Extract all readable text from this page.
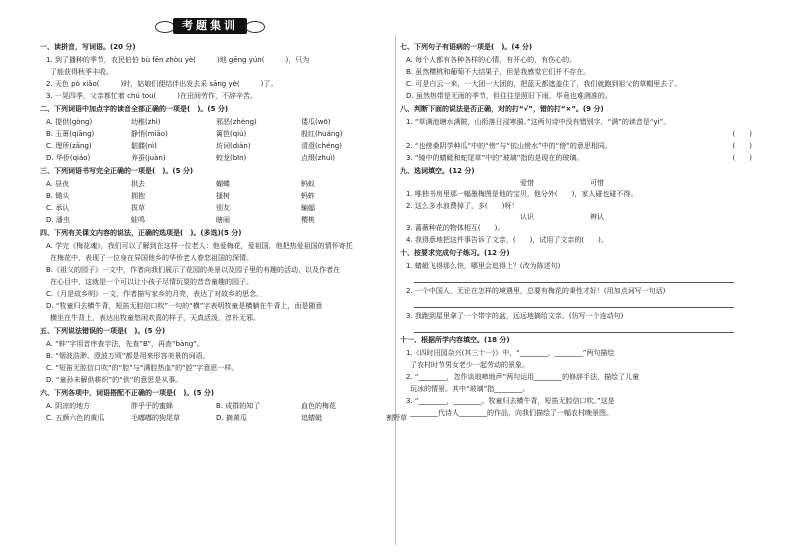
考题集训
一、读拼音，写词语。(20 分)
1. 到了播种的季节，农民伯伯 bù fēn zhòu yè(　　　)地 gēng yún(　　　)，只为
了能获得秋季丰收。
2. 天色 pò xiǎo(　　　)时，姑娘们便结伴出发去采 sāng yè(　　　)了。
3. 一晃四季，父亲都忙着 chú tou(　　　)在田间劳作，不辞辛苦。
二、下列词语中加点字的读音全部正确的一项是(　)。(5 分)
A. 提供(gòng)	幼稚(zhì)	邪恶(zhèng)	倭瓜(wō)
B. 玉箫(qiāng)	静悄(miāo)	篱笆(qiú)	殷红(huáng)
C. 理所(zāng)	骷髅(nì)	坊词(diàn)	清澄(chéng)
D. 华侨(qiáo)	养蚕(juàn)	蛟龙(bīn)	点缀(zhuì)
三、下列词语书写完全正确的一项是(　)。(5 分)
A. 昼夜	拱去	蝴蝶	蚂蚁
B. 锄头	拥抱	搔树	蚂蚱
C. 承认	拔草	别友	蝙蝠
D. 潘虫	蛙鸣	瞎闹	樱桃
四、下列有关课文内容的说法，正确的选项是(　)。(多选)(5 分)
A. 学完《梅花魂》，我们可以了解到在这样一位老人：他爱梅花，爱祖国，他把热爱祖国的情怀寄托
在梅花中，表现了一位身在异国他乡的华侨老人眷恋祖国的深情。
B.《祖父的园子》一文中，作者向我们展示了花园的美景以及园子里的有趣的活动，以及作者在
在心目中，这就是一个可以让小孩子尽情玩耍的昔音童趣的园子。
C.《月是故乡明》一文，作者描写家乡的月亮，表达了对故乡的思念。
D. “牧童归去横牛背，短笛无腔信口吹”一句的“横”字表明牧童是横躺在牛背上，而是随意
横坐在牛背上，表达出牧童悠闲欢喜的样子，天真活泼，淳朴无邪。
五、下列说法错误的一项是(　)。(5 分)
A. “蚌”字用音序查字法，先查“B”，再查“bàng”。
B. “烟波浩渺、澄波万顷”都是用来形容美景的词语。
C. “短笛无腔信口吹”的“腔”与“满腔热血”的“腔”字意思一样。
D. “童孙未解供耕织”的“供”的意思是从事。
六、下列各项中，词语搭配不正确的一项是(　)。(5 分)
A. 阴凉的地方	胖乎乎的蜜蜂	B. 成群的知了	血色的梅花
C. 五颜六色的黄瓜	毛嘟嘟的狗尾草	D. 摘黄瓜	追蜻蜓	割野草
七、下列句子有语病的一项是(　)。(4 分)
A. 每个人都有各种各样的心情，有开心的，有伤心的。
B. 虽然樱桃和葡萄不大结果子，但是我感觉它们并不存在。
C. 可是白云一来，一大团一大团的，把蓝天都遮盖住了，我们就跑到祖父的草帽里去了。
D. 虽然热带是无雨的季节，但往往是照旧下雨，毕竟也难测准的。
八、判断下面的说法是否正确，对的打“√”，错的打“×”。(9 分)
1. “草满池塘水满陂，山衔落日浸寒漪。”这两句诗中没有错别字，“满”的读音是“yì”。
(　　)
2. “也傍桑阴学种瓜”中的“傍”与“依山傍水”中的“傍”的意思相同。	(　　)
3. “镜中的蜻蜓和蛇尾草”中的“玻璃”指的是现在的玻璃。	(　　)
九、选词填空。(12 分)
爱惜	可惜
1. 唯独书房里那一幅墨梅图是他的宝贝，他分外(　　)，家人碰也碰不得。
2. 这么多水浪费掉了，多(　　)呀！
认识	辨认
3. 蔷薇种花的物体相互(　　)。
4. 我得意地把这件事告诉了文亲，(　　)，试用了文亲的(　　)。
十、按要求完成句子练习。(12 分)
1. 蜻蜓飞得那么快，哪里会追得上？(改为陈述句)
2. 一个中国人，无论在怎样的境遇里，总要有梅花的秉性才好！(用加点词写一句话)
3. 我跑到屋里拿了一个带字的盆，远远地摘给文亲。(仿写一个连动句)
十一、根据所学内容填空。(18 分)
1.《四时田园杂兴(其三十一)》中，“________，________”两句描绘
了农村时节男女老少一起劳动的景象。
2. “________，忽作谈琅啼地声”两句运用________的修辞手法，描绘了儿童
玩冰的情景。其中“玻璃”指________。
3. “________，________。牧童归去横牛背，短笛无腔信口吹。”这是
________代诗人________的作品，向我们描绘了一幅农村晚景图。
